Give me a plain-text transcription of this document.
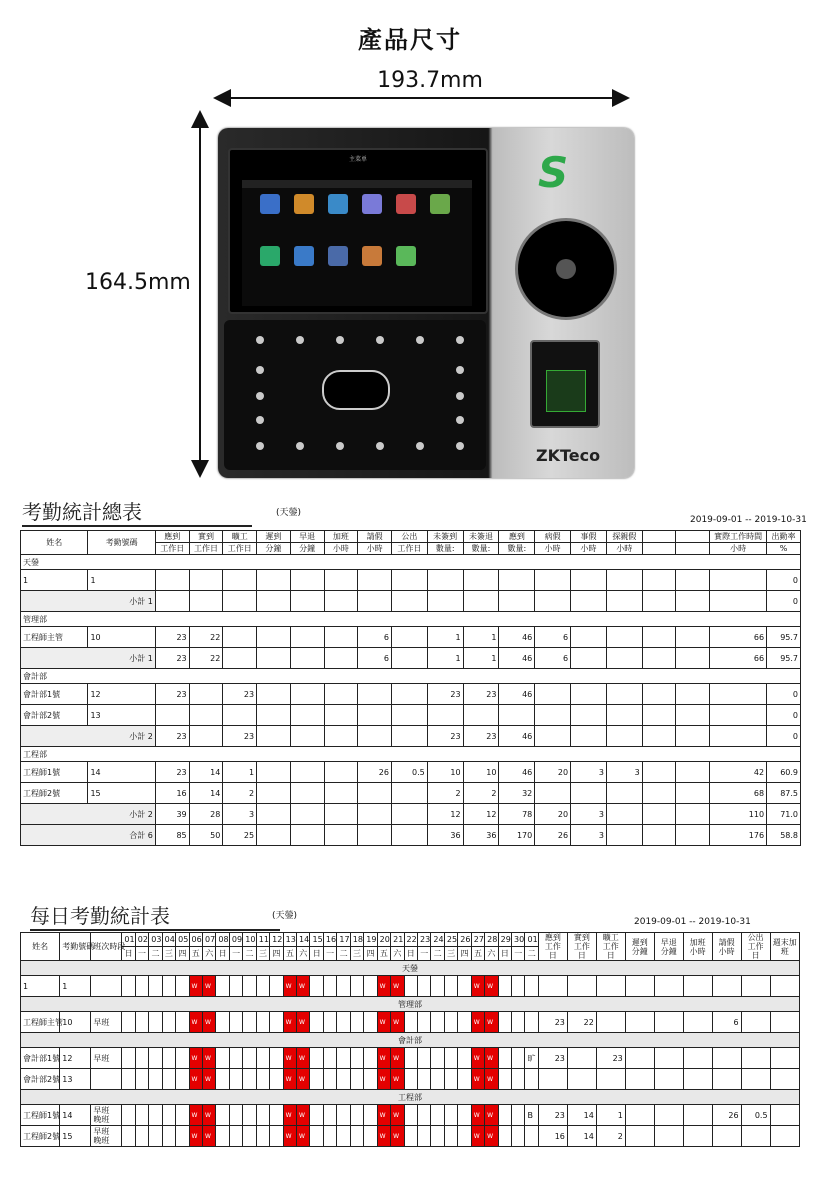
產品尺寸
193.7mm
164.5mm
主菜单	S
ZKTeco
考勤統計總表	(天鎣)
2019-09-01 -- 2019-10-31
姓名	考勤號碼	應到	實到	曠工	遲到	早退	加班	請假	公出	未簽到	未簽退	應到	病假	事假	探親假			實際工作時間	出勤率
		工作日	工作日	工作日	分鐘	分鐘	小時	小時	工作日	數量:	數量:	數量:	小時	小時	小時			小時	%
天鎣																			
1	1																		0
小計 1																			0
管理部																			
工程師主管	10	23	22					6		1	1	46	6					66	95.7
小計 1		23	22					6		1	1	46	6					66	95.7
會計部																			
會計部1號	12	23		23						23	23	46							0
會計部2號	13																		0
小計 2		23		23						23	23	46							0
工程部																			
工程師1號	14	23	14	1				26	0.5	10	10	46	20	3	3			42	60.9
工程師2號	15	16	14	2						2	2	32						68	87.5
小計 2		39	28	3						12	12	78	20	3				110	71.0
合計 6		85	50	25						36	36	170	26	3				176	58.8
每日考勤統計表	(天鎣)
2019-09-01 -- 2019-10-31
姓名	考勤號碼	班次時段	01	02	03	04	05	06	07	08	09	10	11	12	13	14	15	16	17	18	19	20	21	22	23	24	25	26	27	28	29	30	01	應到工作日	實到工作日	曠工工作日	遲到分鐘	早退分鐘	加班小時	請假小時	公出工作日	週末加班
			日	一	二	三	四	五	六	日	一	二	三	四	五	六	日	一	二	三	四	五	六	日	一	二	三	四	五	六	日	一	二									
天鎣																																										
1	1							W	W						W	W						W	W						W	W												
管理部																																										
工程師主管	10	早班						W	W						W	W						W	W						W	W				23	22					6		
會計部																																										
會計部1號	12	早班						W	W						W	W						W	W						W	W			旷	23		23						
會計部2號	13							W	W						W	W						W	W						W	W												
工程部																																										
工程師1號	14	早班 晚班						W	W						W	W						W	W						W	W			B	23	14	1				26	0.5	
工程師2號	15	早班 晚班						W	W						W	W						W	W						W	W				16	14	2						
